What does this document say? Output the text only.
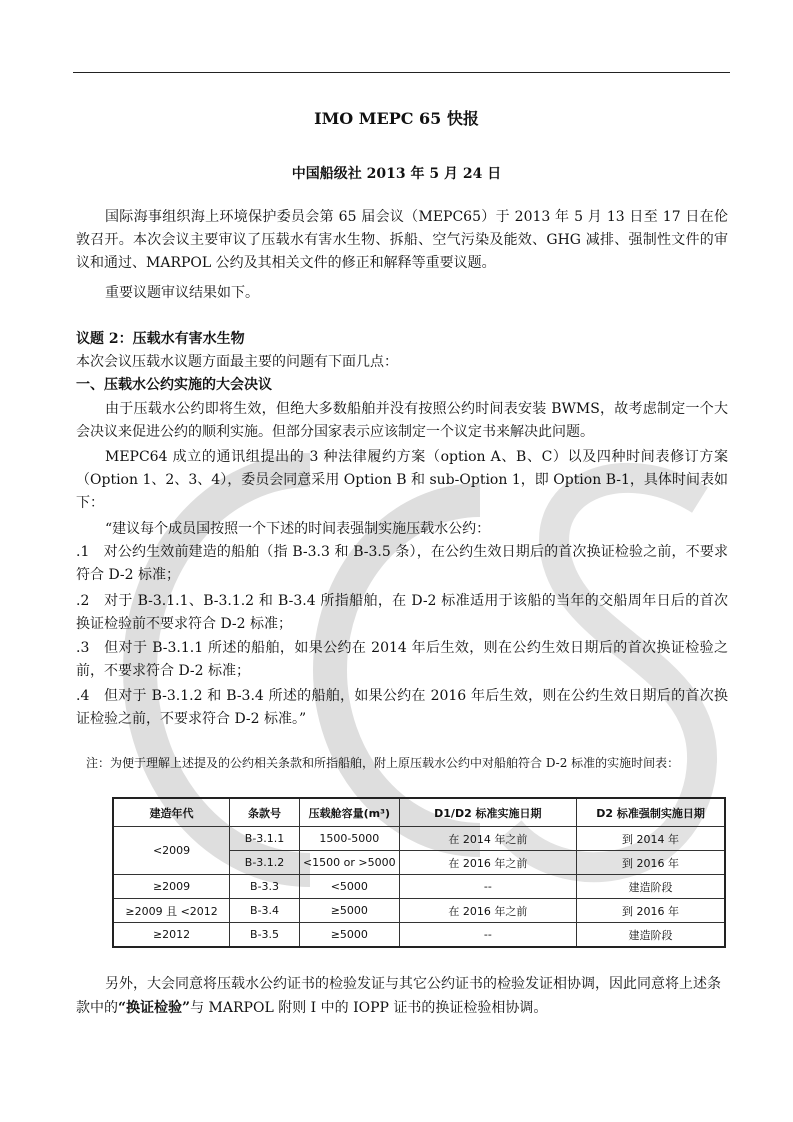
IMO MEPC 65 快报
中国船级社 2013 年 5 月 24 日

国际海事组织海上环境保护委员会第 65 届会议（MEPC65）于 2013 年 5 月 13 日至 17 日在伦敦召开。本次会议主要审议了压载水有害水生物、拆船、空气污染及能效、GHG 减排、强制性文件的审议和通过、MARPOL 公约及其相关文件的修正和解释等重要议题。

重要议题审议结果如下。

议题 2：压载水有害水生物

本次会议压载水议题方面最主要的问题有下面几点：

一、压载水公约实施的大会决议

由于压载水公约即将生效，但绝大多数船舶并没有按照公约时间表安装 BWMS，故考虑制定一个大会决议来促进公约的顺利实施。但部分国家表示应该制定一个议定书来解决此问题。

MEPC64 成立的通讯组提出的 3 种法律履约方案（option A、B、C）以及四种时间表修订方案（Option 1、2、3、4），委员会同意采用 Option B 和 sub-Option 1，即 Option B-1，具体时间表如下：

“建议每个成员国按照一个下述的时间表强制实施压载水公约：

.1　对公约生效前建造的船舶（指 B-3.3 和 B-3.5 条），在公约生效日期后的首次换证检验之前，不要求符合 D-2 标准；

.2　对于 B-3.1.1、B-3.1.2 和 B-3.4 所指船舶，在 D-2 标准适用于该船的当年的交船周年日后的首次换证检验前不要求符合 D-2 标准；

.3　但对于 B-3.1.1 所述的船舶，如果公约在 2014 年后生效，则在公约生效日期后的首次换证检验之前，不要求符合 D-2 标准；

.4　但对于 B-3.1.2 和 B-3.4 所述的船舶，如果公约在 2016 年后生效，则在公约生效日期后的首次换证检验之前，不要求符合 D-2 标准。”

注：为便于理解上述提及的公约相关条款和所指船舶，附上原压载水公约中对船舶符合 D-2 标准的实施时间表：

建造年代	条款号	压载舱容量(m³)	D1/D2 标准实施日期	D2 标准强制实施日期
<2009	B-3.1.1	1500-5000	在 2014 年之前	到 2014 年
	B-3.1.2	<1500 or >5000	在 2016 年之前	到 2016 年
≥2009	B-3.3	<5000	--	建造阶段
≥2009 且 <2012	B-3.4	≥5000	在 2016 年之前	到 2016 年
≥2012	B-3.5	≥5000	--	建造阶段

另外，大会同意将压载水公约证书的检验发证与其它公约证书的检验发证相协调，因此同意将上述条款中的“换证检验”与 MARPOL 附则 I 中的 IOPP 证书的换证检验相协调。
